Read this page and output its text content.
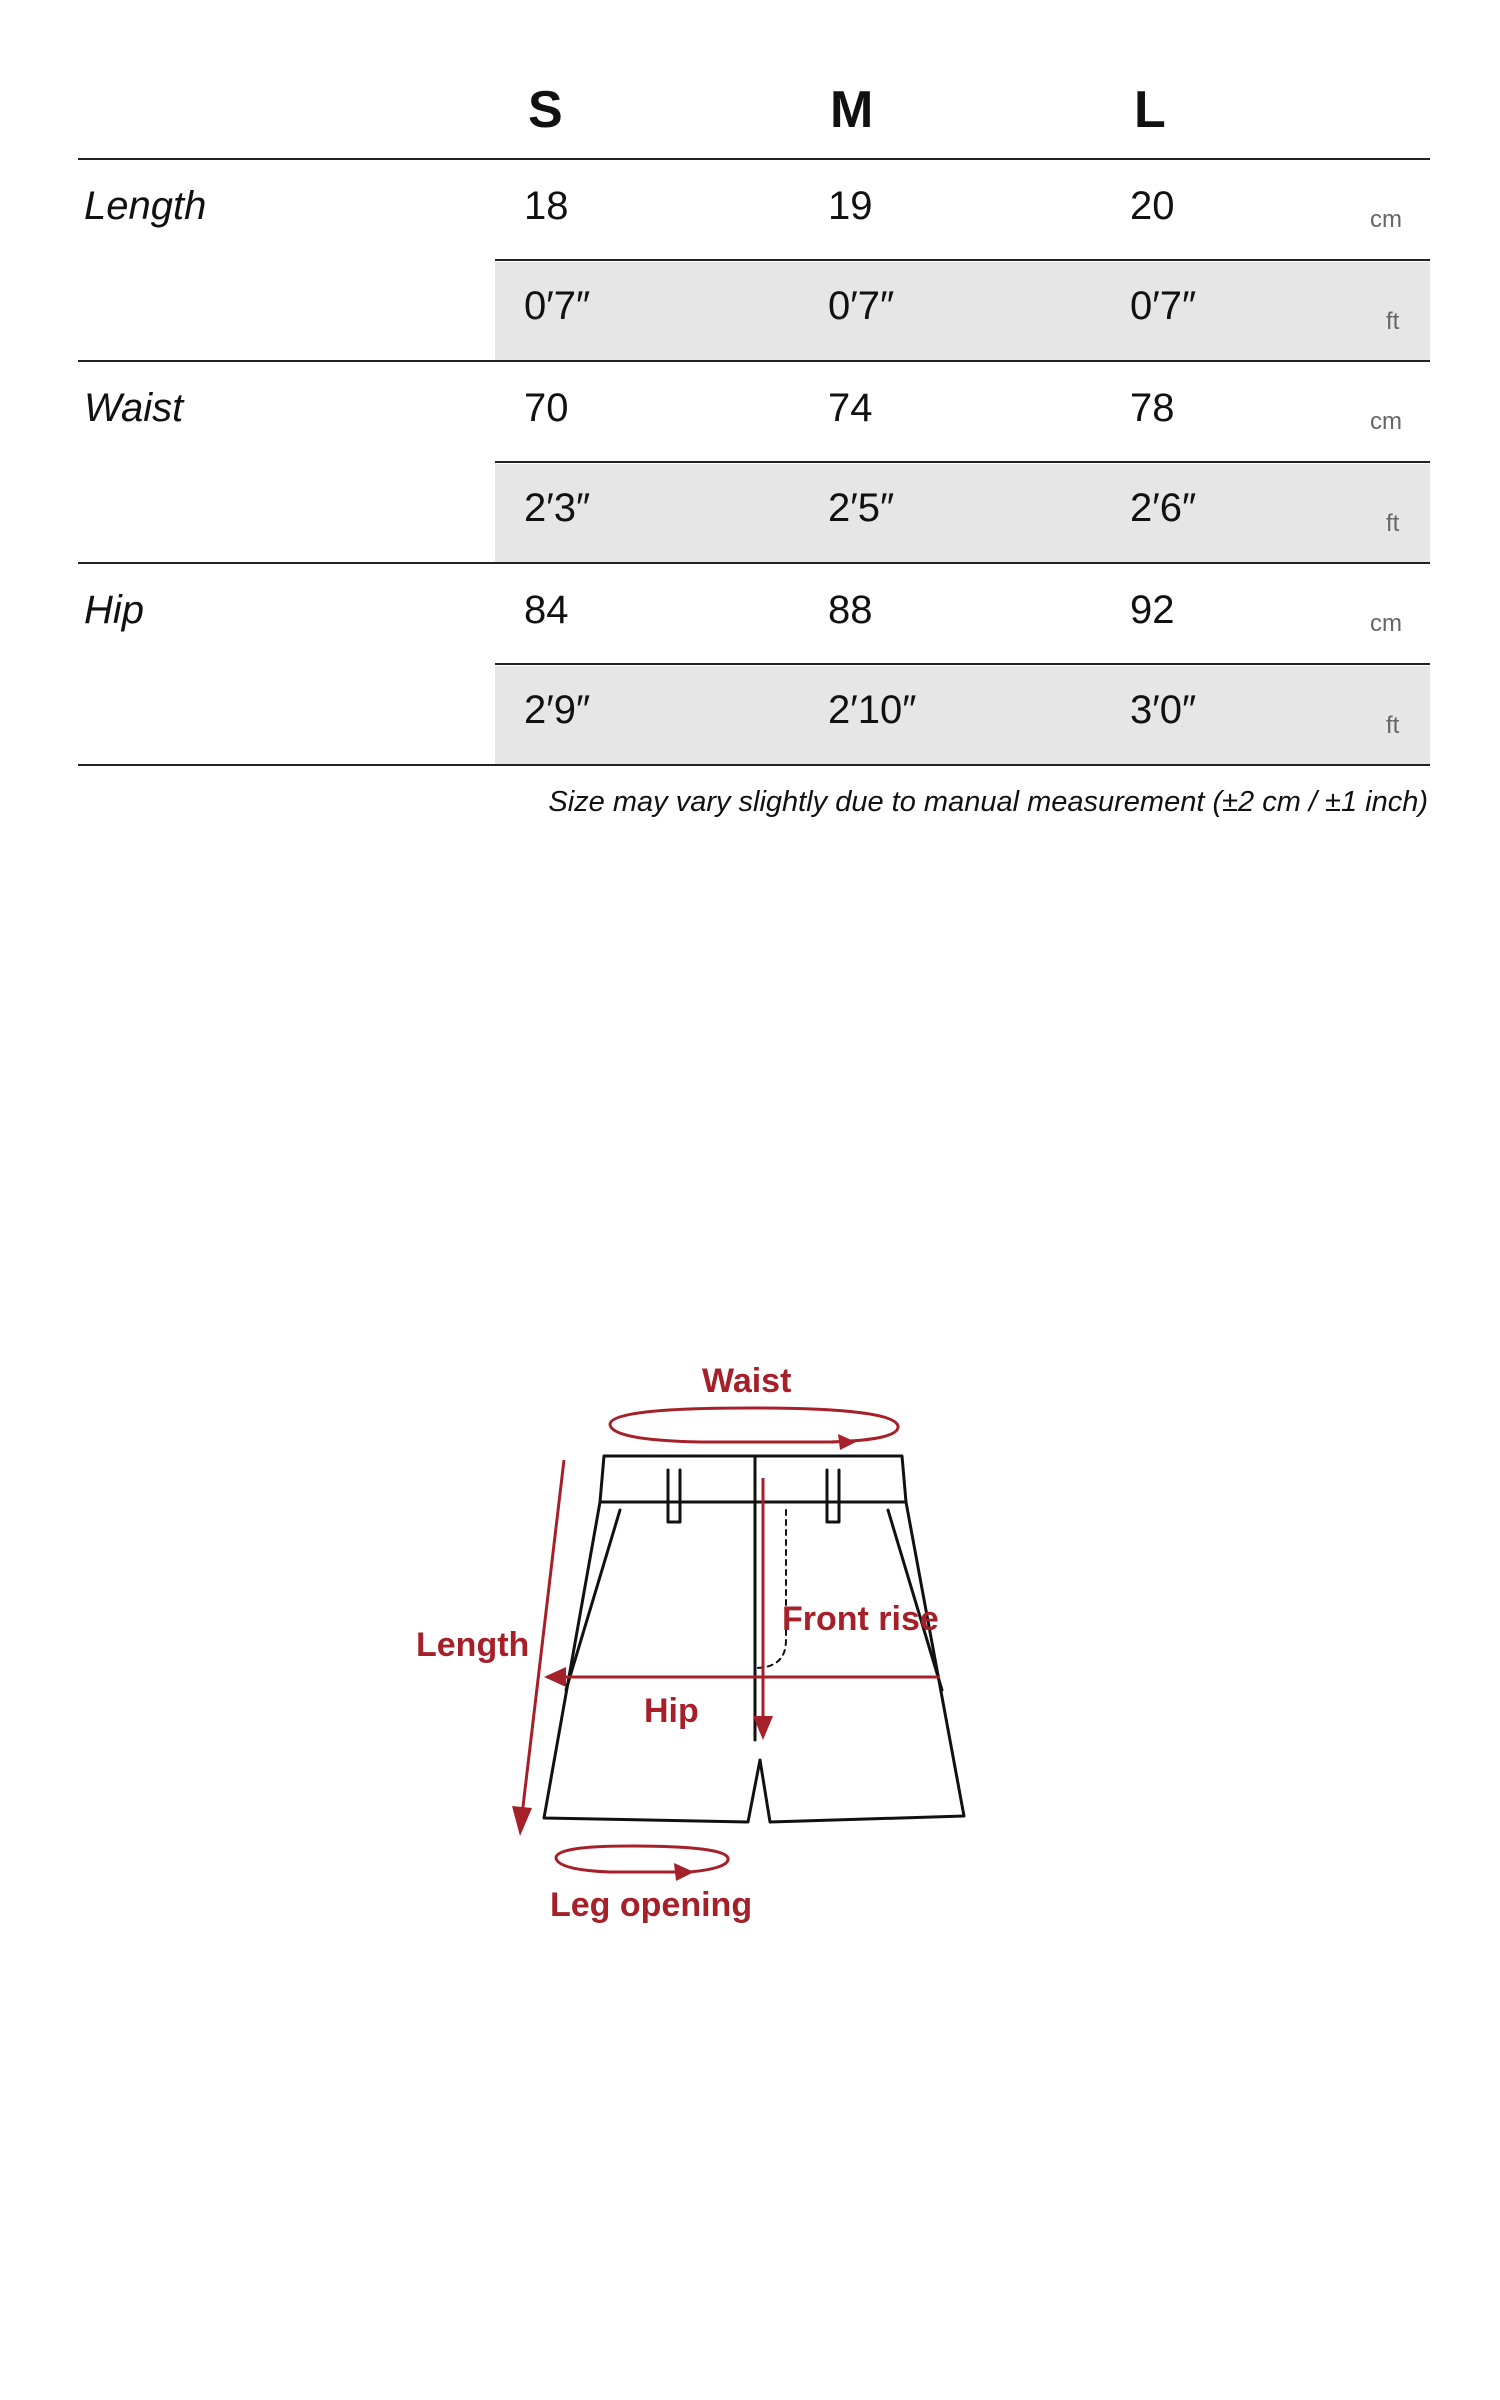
S	M	L
Length	18	19	20	cm
0′7″	0′7″	0′7″	ft
Waist	70	74	78	cm
2′3″	2′5″	2′6″	ft
Hip	84	88	92	cm
2′9″	2′10″	3′0″	ft
Size may vary slightly due to manual measurement (±2 cm / ±1 inch)
Waist
Length
Front rise
Hip
Leg opening
